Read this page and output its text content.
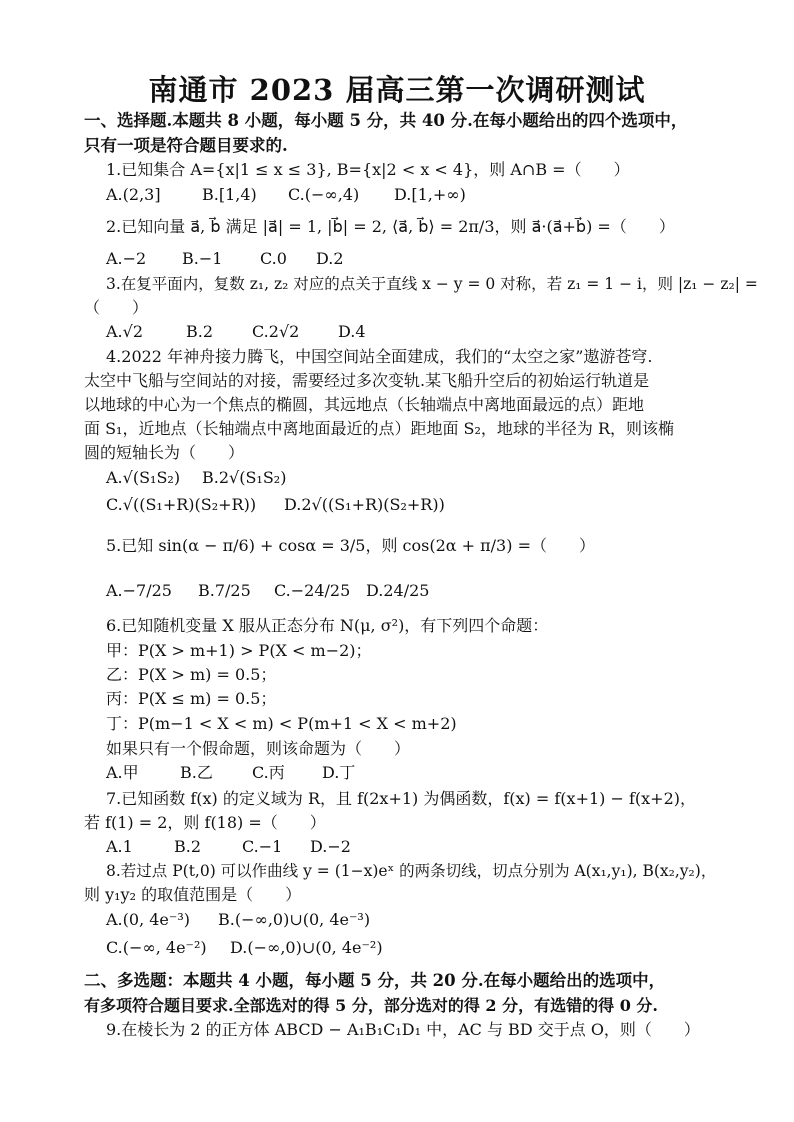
南通市 2023 届高三第一次调研测试
一、选择题.本题共 8 小题，每小题 5 分，共 40 分.在每小题给出的四个选项中，
只有一项是符合题目要求的.
1.已知集合 A={x|1 ≤ x ≤ 3}, B={x|2 < x < 4}，则 A∩B =（　　）
A.(2,3]	B.[1,4) C.(−∞,4) D.[1,+∞)
2.已知向量 a⃗, b⃗ 满足 |a⃗| = 1, |b⃗| = 2, ⟨a⃗, b⃗⟩ = 2π/3，则 a⃗·(a⃗+b⃗) =（　　）
A.−2 B.−1 C.0 D.2
3.在复平面内，复数 z₁, z₂ 对应的点关于直线 x − y = 0 对称，若 z₁ = 1 − i，则 |z₁ − z₂| =
（　　）
A.√2	B.2 C.2√2 D.4
4.2022 年神舟接力腾飞，中国空间站全面建成，我们的“太空之家”遨游苍穹.
太空中飞船与空间站的对接，需要经过多次变轨.某飞船升空后的初始运行轨道是
以地球的中心为一个焦点的椭圆，其远地点（长轴端点中离地面最远的点）距地
面 S₁，近地点（长轴端点中离地面最近的点）距地面 S₂，地球的半径为 R，则该椭
圆的短轴长为（　　）
A.√(S₁S₂) B.2√(S₁S₂)
C.√((S₁+R)(S₂+R)) D.2√((S₁+R)(S₂+R))
5.已知 sin(α − π/6) + cosα = 3/5，则 cos(2α + π/3) =（　　）
A.−7/25 B.7/25 C.−24/25 D.24/25
6.已知随机变量 X 服从正态分布 N(μ, σ²)，有下列四个命题：
甲：P(X > m+1) > P(X < m−2)；
乙：P(X > m) = 0.5；
丙：P(X ≤ m) = 0.5；
丁：P(m−1 < X < m) < P(m+1 < X < m+2)
如果只有一个假命题，则该命题为（　　）
A.甲	B.乙 C.丙 D.丁
7.已知函数 f(x) 的定义域为 R，且 f(2x+1) 为偶函数，f(x) = f(x+1) − f(x+2)，
若 f(1) = 2，则 f(18) =（　　）
A.1	B.2	C.−1 D.−2
8.若过点 P(t,0) 可以作曲线 y = (1−x)eˣ 的两条切线，切点分别为 A(x₁,y₁), B(x₂,y₂)，
则 y₁y₂ 的取值范围是（　　）
A.(0, 4e⁻³) B.(−∞,0)∪(0, 4e⁻³)
C.(−∞, 4e⁻²) D.(−∞,0)∪(0, 4e⁻²)
二、多选题：本题共 4 小题，每小题 5 分，共 20 分.在每小题给出的选项中，
有多项符合题目要求.全部选对的得 5 分，部分选对的得 2 分，有选错的得 0 分.
9.在棱长为 2 的正方体 ABCD − A₁B₁C₁D₁ 中，AC 与 BD 交于点 O，则（　　）
